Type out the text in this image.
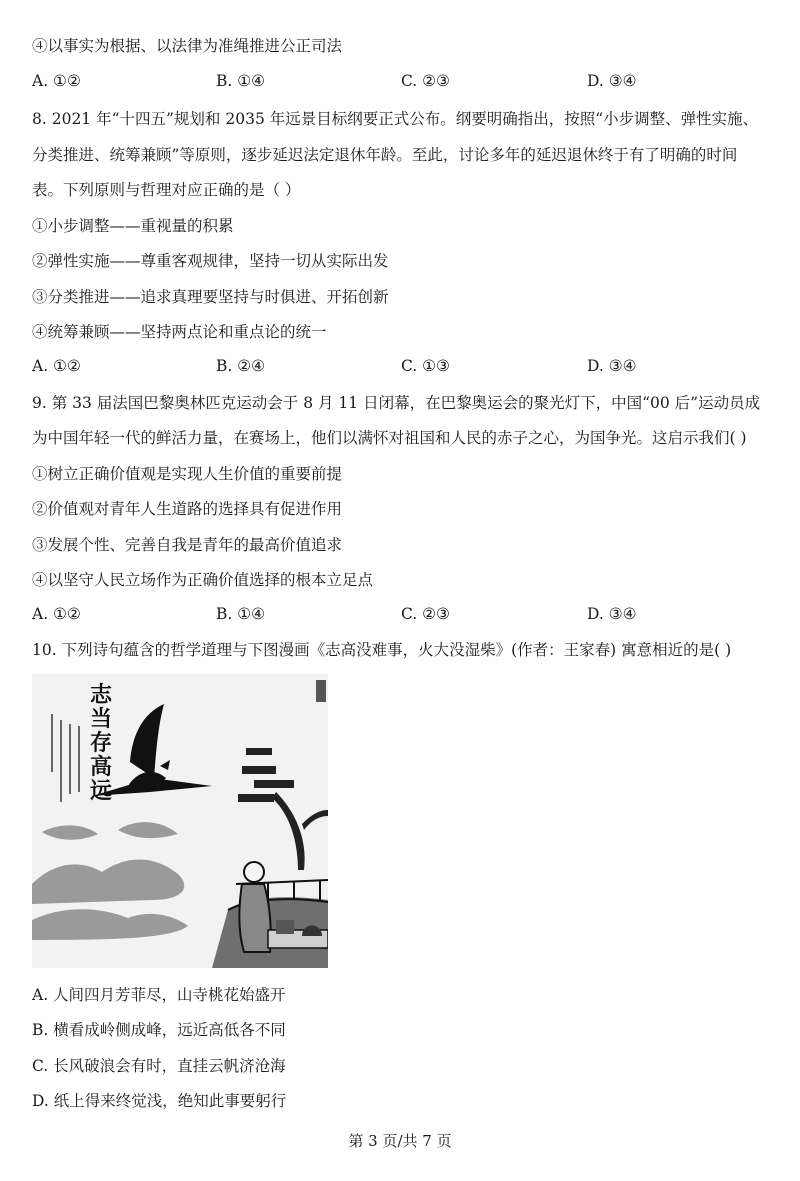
④以事实为根据、以法律为准绳推进公正司法
A. ①②	B. ①④	C. ②③	D. ③④
8. 2021 年“十四五”规划和 2035 年远景目标纲要正式公布。纲要明确指出，按照“小步调整、弹性实施、
分类推进、统筹兼顾”等原则，逐步延迟法定退休年龄。至此，讨论多年的延迟退休终于有了明确的时间
表。下列原则与哲理对应正确的是（ ）
①小步调整——重视量的积累
②弹性实施——尊重客观规律，坚持一切从实际出发
③分类推进——追求真理要坚持与时俱进、开拓创新
④统筹兼顾——坚持两点论和重点论的统一
A. ①②	B. ②④	C. ①③	D. ③④
9. 第 33 届法国巴黎奥林匹克运动会于 8 月 11 日闭幕，在巴黎奥运会的聚光灯下，中国“00 后”运动员成
为中国年轻一代的鲜活力量，在赛场上，他们以满怀对祖国和人民的赤子之心，为国争光。这启示我们( )
①树立正确价值观是实现人生价值的重要前提
②价值观对青年人生道路的选择具有促进作用
③发展个性、完善自我是青年的最高价值追求
④以坚守人民立场作为正确价值选择的根本立足点
A. ①②	B. ①④	C. ②③	D. ③④
10. 下列诗句蕴含的哲学道理与下图漫画《志高没难事，火大没湿柴》(作者：王家春) 寓意相近的是( )
志
当
存
高
远
A. 人间四月芳菲尽，山寺桃花始盛开
B. 横看成岭侧成峰，远近高低各不同
C. 长风破浪会有时，直挂云帆济沧海
D. 纸上得来终觉浅，绝知此事要躬行
第 3 页/共 7 页
